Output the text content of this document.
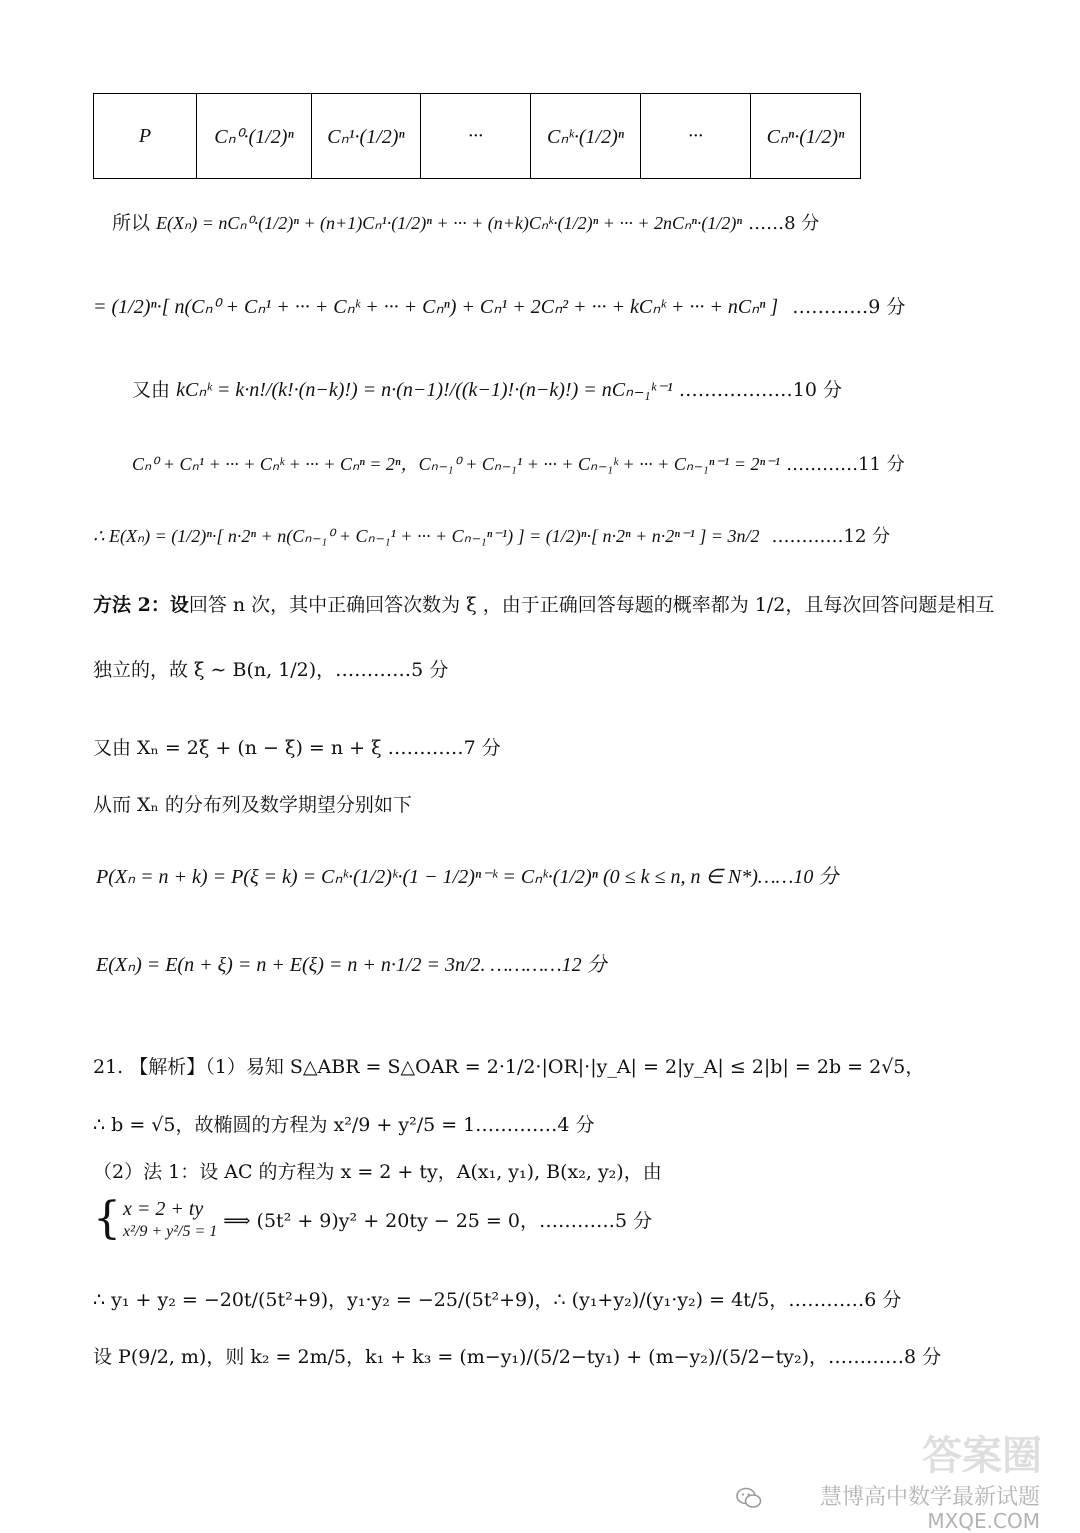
P	Cₙ⁰·(1/2)ⁿ	Cₙ¹·(1/2)ⁿ	···	Cₙᵏ·(1/2)ⁿ	···	Cₙⁿ·(1/2)ⁿ
所以 E(Xₙ) = nCₙ⁰·(1/2)ⁿ + (n+1)Cₙ¹·(1/2)ⁿ + ··· + (n+k)Cₙᵏ·(1/2)ⁿ + ··· + 2nCₙⁿ·(1/2)ⁿ ……8 分
= (1/2)ⁿ·[ n(Cₙ⁰ + Cₙ¹ + ··· + Cₙᵏ + ··· + Cₙⁿ) + Cₙ¹ + 2Cₙ² + ··· + kCₙᵏ + ··· + nCₙⁿ ] …………9 分
又由 kCₙᵏ = k·n!/(k!·(n−k)!) = n·(n−1)!/((k−1)!·(n−k)!) = nCₙ₋₁ᵏ⁻¹ ………………10 分
Cₙ⁰ + Cₙ¹ + ··· + Cₙᵏ + ··· + Cₙⁿ = 2ⁿ，Cₙ₋₁⁰ + Cₙ₋₁¹ + ··· + Cₙ₋₁ᵏ + ··· + Cₙ₋₁ⁿ⁻¹ = 2ⁿ⁻¹ …………11 分
∴ E(Xₙ) = (1/2)ⁿ·[ n·2ⁿ + n(Cₙ₋₁⁰ + Cₙ₋₁¹ + ··· + Cₙ₋₁ⁿ⁻¹) ] = (1/2)ⁿ·[ n·2ⁿ + n·2ⁿ⁻¹ ] = 3n/2 …………12 分
方法 2：设回答 n 次，其中正确回答次数为 ξ ，由于正确回答每题的概率都为 1/2，且每次回答问题是相互
独立的，故 ξ ∼ B(n, 1/2)，…………5 分
又由 Xₙ = 2ξ + (n − ξ) = n + ξ …………7 分
从而 Xₙ 的分布列及数学期望分别如下
P(Xₙ = n + k) = P(ξ = k) = Cₙᵏ·(1/2)ᵏ·(1 − 1/2)ⁿ⁻ᵏ = Cₙᵏ·(1/2)ⁿ (0 ≤ k ≤ n, n ∈ N*)……10 分
E(Xₙ) = E(n + ξ) = n + E(ξ) = n + n·1/2 = 3n/2. …………12 分
21. 【解析】（1）易知 S△ABR = S△OAR = 2·1/2·|OR|·|y_A| = 2|y_A| ≤ 2|b| = 2b = 2√5，
∴ b = √5，故椭圆的方程为 x²/9 + y²/5 = 1.…………4 分
（2）法 1：设 AC 的方程为 x = 2 + ty，A(x₁, y₁), B(x₂, y₂)，由
{ x = 2 + ty
x²/9 + y²/5 = 1 ⟹ (5t² + 9)y² + 20ty − 25 = 0，…………5 分
∴ y₁ + y₂ = −20t/(5t²+9)，y₁·y₂ = −25/(5t²+9)，∴ (y₁+y₂)/(y₁·y₂) = 4t/5，…………6 分
设 P(9/2, m)，则 k₂ = 2m/5，k₁ + k₃ = (m−y₁)/(5/2−ty₁) + (m−y₂)/(5/2−ty₂)，…………8 分
答案圈
慧博高中数学最新试题
MXQE.COM
